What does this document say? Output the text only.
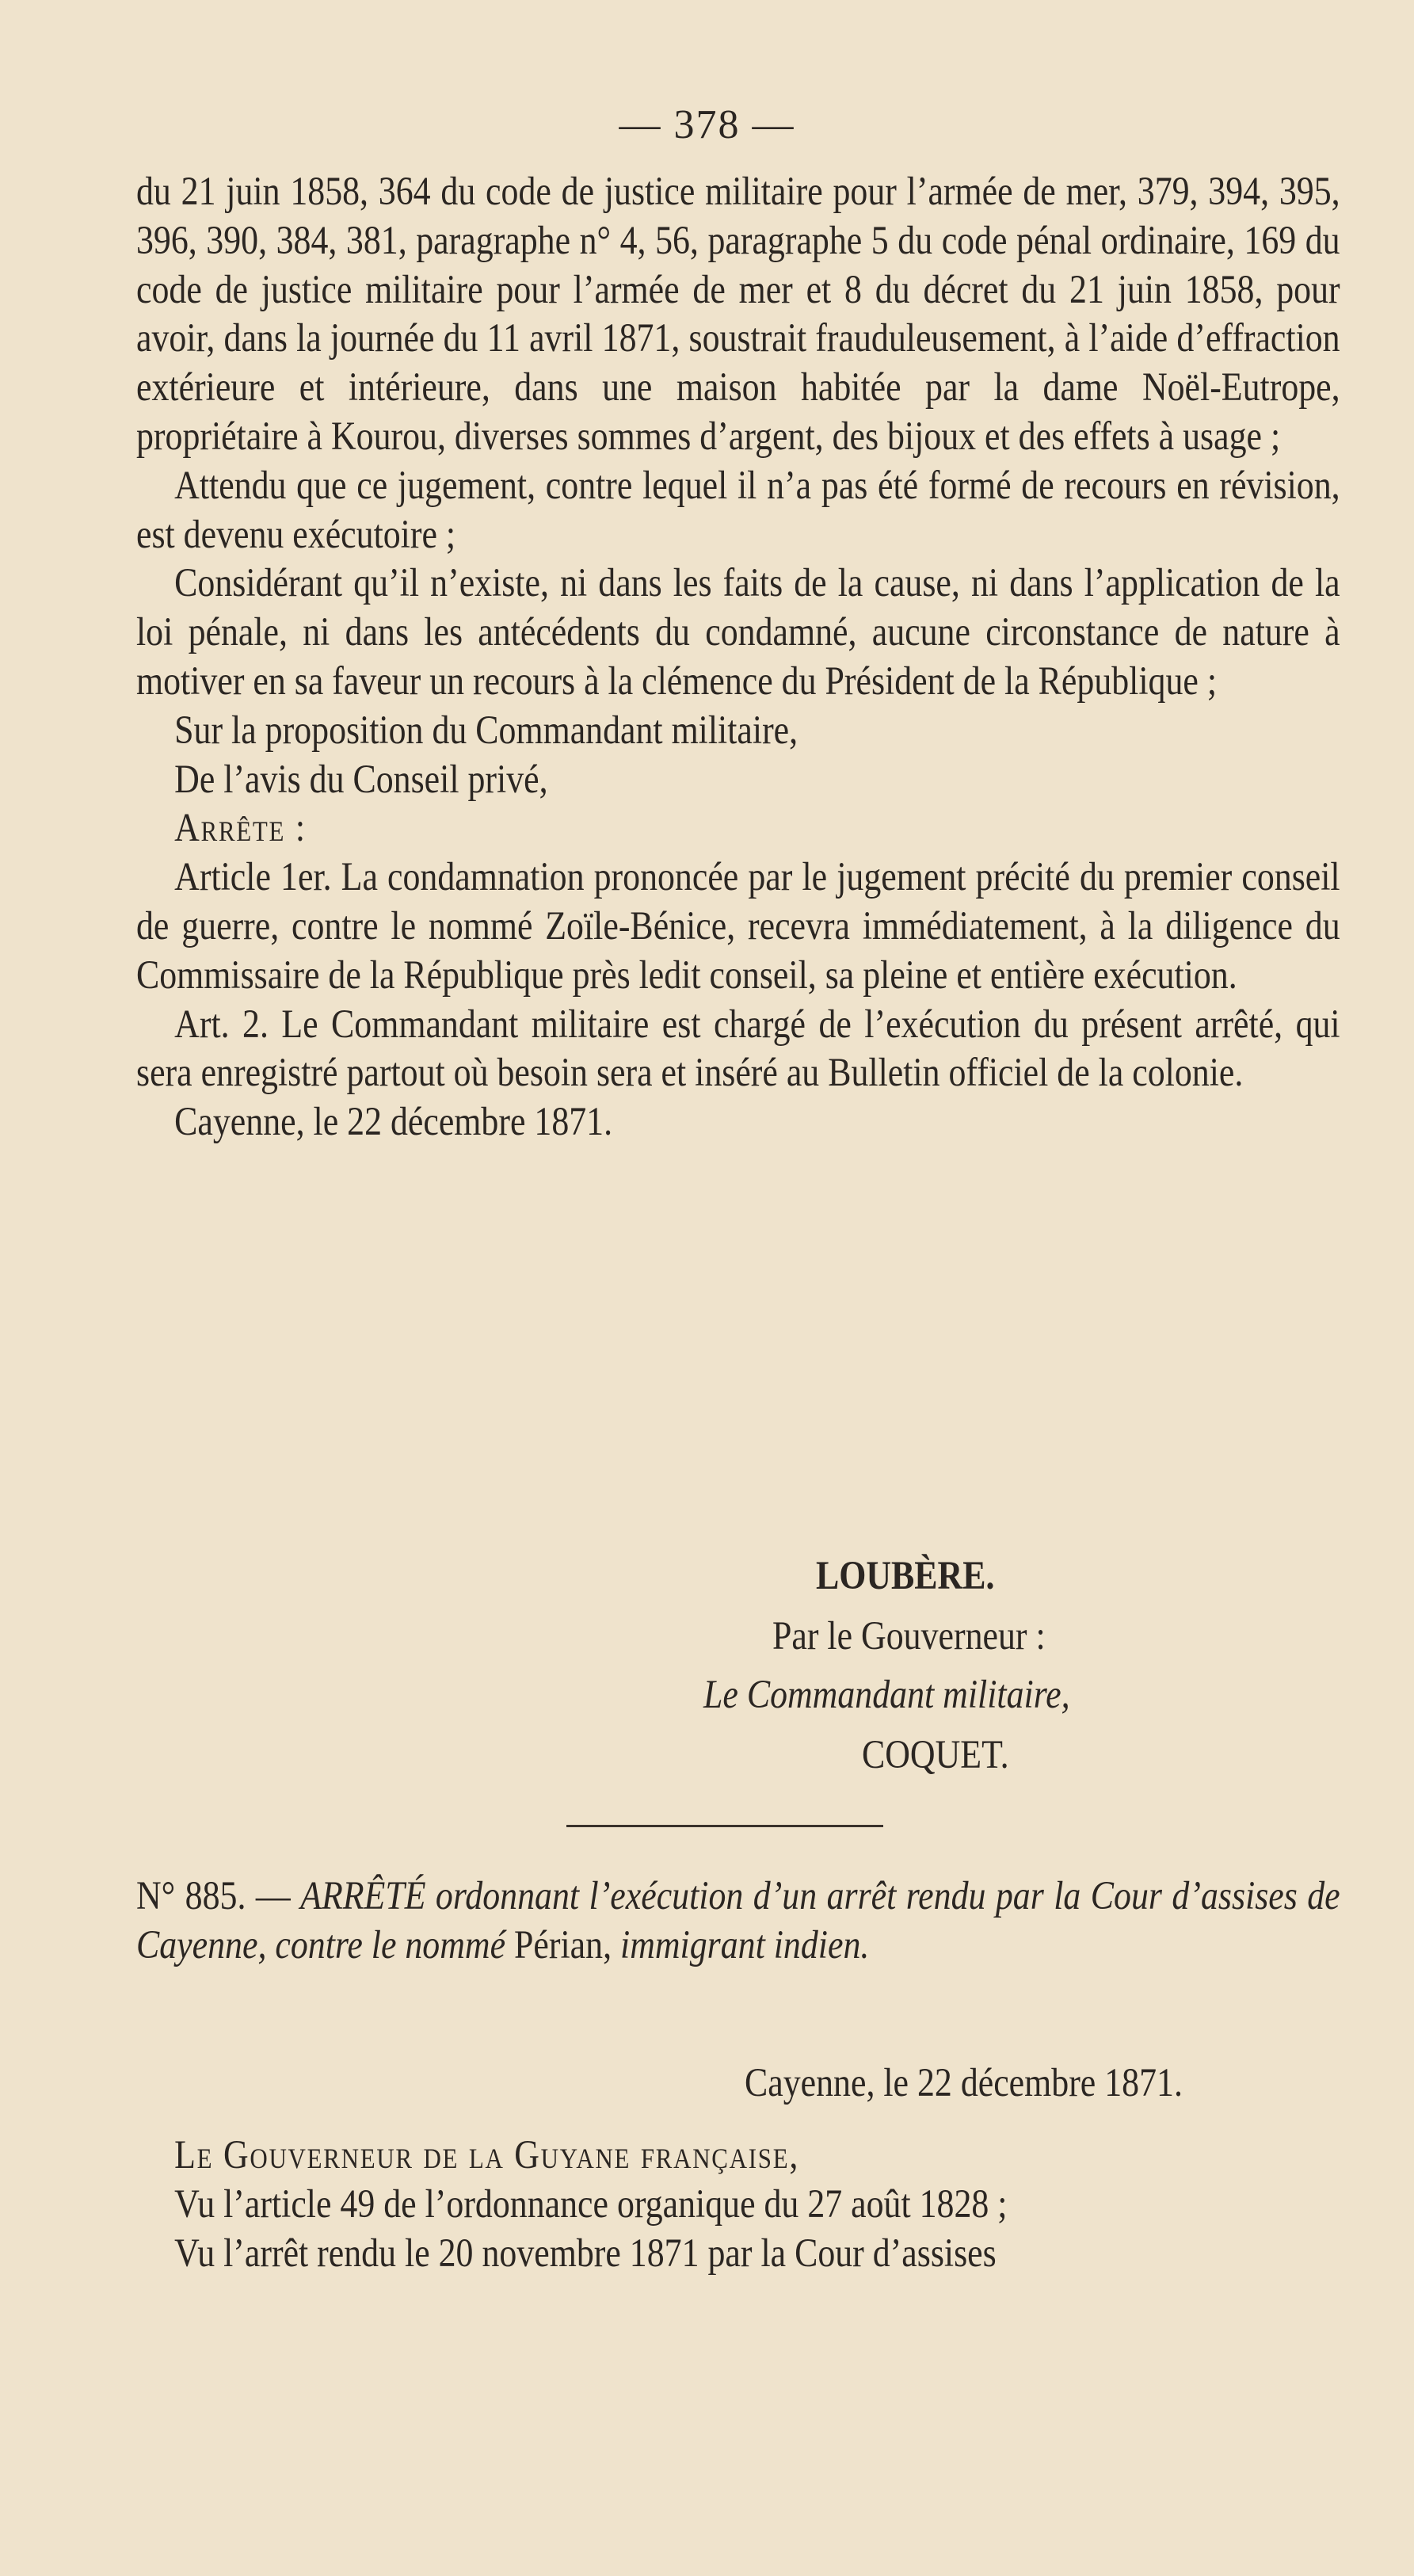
— 378 —

du 21 juin 1858, 364 du code de justice militaire pour l’armée de mer, 379, 394, 395, 396, 390, 384, 381, paragraphe n° 4, 56, paragraphe 5 du code pénal ordinaire, 169 du code de justice militaire pour l’armée de mer et 8 du décret du 21 juin 1858, pour avoir, dans la journée du 11 avril 1871, soustrait frauduleusement, à l’aide d’effraction extérieure et intérieure, dans une maison habitée par la dame Noël-Eutrope, propriétaire à Kourou, diverses sommes d’argent, des bijoux et des effets à usage ;

Attendu que ce jugement, contre lequel il n’a pas été formé de recours en révision, est devenu exécutoire ;

Considérant qu’il n’existe, ni dans les faits de la cause, ni dans l’application de la loi pénale, ni dans les antécédents du condamné, aucune circonstance de nature à motiver en sa faveur un recours à la clémence du Président de la République ;

Sur la proposition du Commandant militaire,

De l’avis du Conseil privé,

Arrête :

Article 1er. La condamnation prononcée par le jugement précité du premier conseil de guerre, contre le nommé Zoïle-Bénice, recevra immédiatement, à la diligence du Commissaire de la République près ledit conseil, sa pleine et entière exécution.

Art. 2. Le Commandant militaire est chargé de l’exécution du présent arrêté, qui sera enregistré partout où besoin sera et inséré au Bulletin officiel de la colonie.

Cayenne, le 22 décembre 1871.

LOUBÈRE.
Par le Gouverneur :
Le Commandant militaire,
COQUET.

N° 885. — ARRÊTÉ ordonnant l’exécution d’un arrêt rendu par la Cour d’assises de Cayenne, contre le nommé Périan, immigrant indien.

Cayenne, le 22 décembre 1871.

Le Gouverneur de la Guyane française,

Vu l’article 49 de l’ordonnance organique du 27 août 1828 ;

Vu l’arrêt rendu le 20 novembre 1871 par la Cour d’assises
